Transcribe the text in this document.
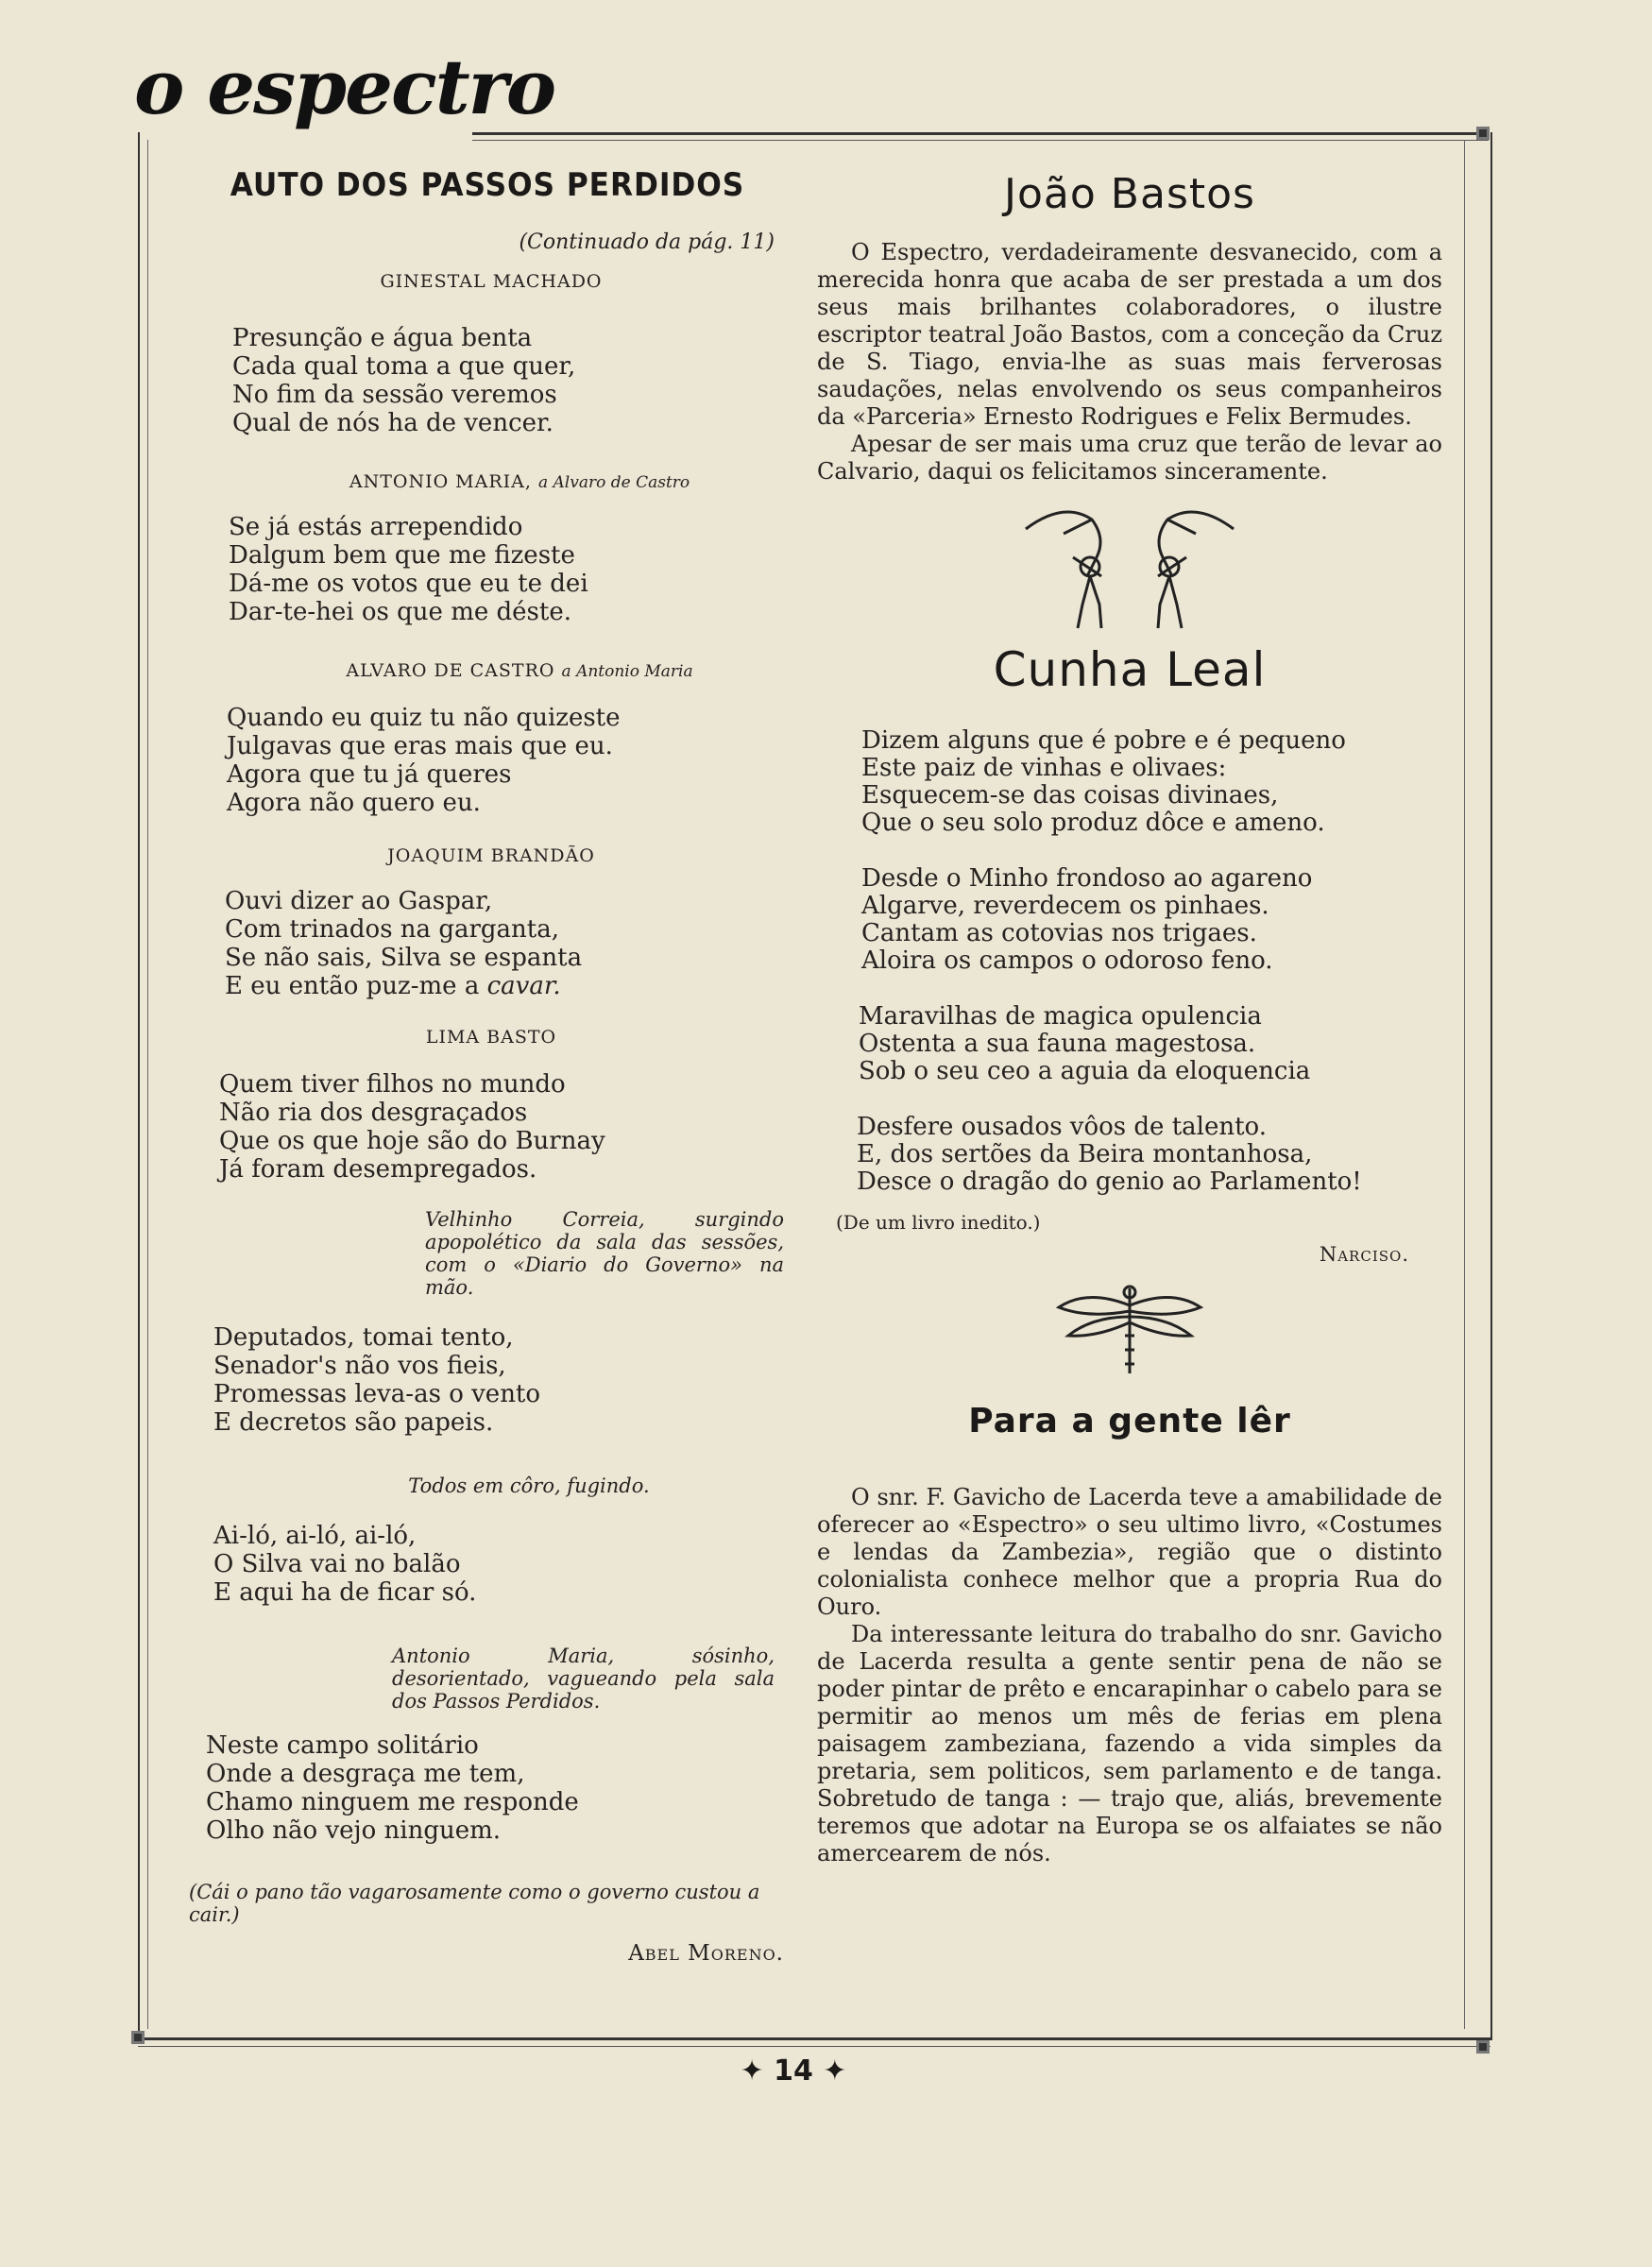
o espectro
AUTO DOS PASSOS PERDIDOS
(Continuado da pág. 11)
GINESTAL MACHADO
Presunção e água benta
Cada qual toma a que quer,
No fim da sessão veremos
Qual de nós ha de vencer.
ANTONIO MARIA, a Alvaro de Castro
Se já estás arrependido
Dalgum bem que me fizeste
Dá-me os votos que eu te dei
Dar-te-hei os que me déste.
ALVARO DE CASTRO a Antonio Maria
Quando eu quiz tu não quizeste
Julgavas que eras mais que eu.
Agora que tu já queres
Agora não quero eu.
JOAQUIM BRANDÃO
Ouvi dizer ao Gaspar,
Com trinados na garganta,
Se não sais, Silva se espanta
E eu então puz-me a cavar.
LIMA BASTO
Quem tiver filhos no mundo
Não ria dos desgraçados
Que os que hoje são do Burnay
Já foram desempregados.
Velhinho Correia, surgindo apopolético da sala das sessões, com o «Diario do Governo» na mão.
Deputados, tomai tento,
Senador's não vos fieis,
Promessas leva-as o vento
E decretos são papeis.
Todos em côro, fugindo.
Ai-ló, ai-ló, ai-ló,
O Silva vai no balão
E aqui ha de ficar só.
Antonio Maria, sósinho, desorientado, vagueando pela sala dos Passos Perdidos.
Neste campo solitário
Onde a desgraça me tem,
Chamo ninguem me responde
Olho não vejo ninguem.
(Cái o pano tão vagarosamente como o governo custou a cair.)
Abel Moreno.
João Bastos

O Espectro, verdadeiramente desvanecido, com a merecida honra que acaba de ser prestada a um dos seus mais brilhantes colaboradores, o ilustre escriptor teatral João Bastos, com a conceção da Cruz de S. Tiago, envia-lhe as suas mais ferverosas saudações, nelas envolvendo os seus companheiros da «Parceria» Ernesto Rodrigues e Felix Bermudes.

Apesar de ser mais uma cruz que terão de levar ao Calvario, daqui os felicitamos sinceramente.

Cunha Leal
Dizem alguns que é pobre e é pequeno
Este paiz de vinhas e olivaes:
Esquecem-se das coisas divinaes,
Que o seu solo produz dôce e ameno.
Desde o Minho frondoso ao agareno
Algarve, reverdecem os pinhaes.
Cantam as cotovias nos trigaes.
Aloira os campos o odoroso feno.
Maravilhas de magica opulencia
Ostenta a sua fauna magestosa.
Sob o seu ceo a aguia da eloquencia
Desfere ousados vôos de talento.
E, dos sertões da Beira montanhosa,
Desce o dragão do genio ao Parlamento!
(De um livro inedito.)
Narciso.
Para a gente lêr

O snr. F. Gavicho de Lacerda teve a amabilidade de oferecer ao «Espectro» o seu ultimo livro, «Costumes e lendas da Zambezia», região que o distinto colonialista conhece melhor que a propria Rua do Ouro.

Da interessante leitura do trabalho do snr. Gavicho de Lacerda resulta a gente sentir pena de não se poder pintar de prêto e encarapinhar o cabelo para se permitir ao menos um mês de ferias em plena paisagem zambeziana, fazendo a vida simples da pretaria, sem politicos, sem parlamento e de tanga. Sobretudo de tanga : — trajo que, aliás, brevemente teremos que adotar na Europa se os alfaiates se não amercearem de nós.

✦ 14 ✦
